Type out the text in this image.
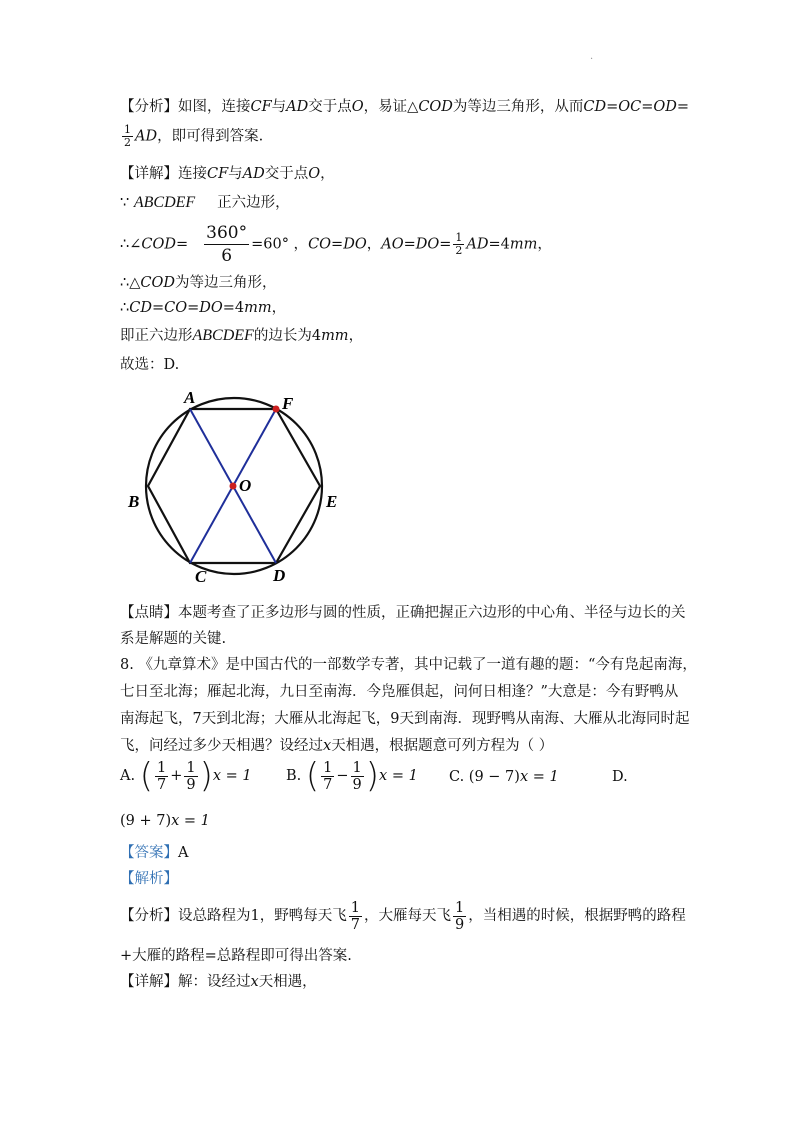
·
【分析】如图，连接CF与AD交于点O，易证△COD为等边三角形，从而CD=OC=OD=
$\frac{1}{2}$ AD，即可得到答案.
【详解】连接CF与AD交于点O，
∵ ABCDEF 正六边形，
∴∠COD= $\frac{360^\circ}{6} =60^\circ$ ，CO=DO，$AO=DO= \frac{1}{2} AD=4mm$，
∴△COD为等边三角形，
∴CD=CO=DO=4mm，
即正六边形ABCDEF的边长为4mm，
故选：D.
A	F
B
O
E
C	D
【点睛】本题考查了正多边形与圆的性质，正确把握正六边形的中心角、半径与边长的关
系是解题的关键.
8. 《九章算术》是中国古代的一部数学专著，其中记载了一道有趣的题：“今有凫起南海，
七日至北海；雁起北海，九日至南海．今凫雁俱起，问何日相逢？”大意是：今有野鸭从
南海起飞，7天到北海；大雁从北海起飞，9天到南海．现野鸭从南海、大雁从北海同时起
飞，问经过多少天相遇？设经过x天相遇，根据题意可列方程为（ ）
A. ( $\frac{1}{7} + \frac{1}{9} )x = 1$ B. ( $\frac{1}{7} - \frac{1}{9} )x = 1$ C. (9 − 7)x = 1	D.
(9 + 7)x = 1
【答案】A
【解析】
【分析】设总路程为1，野鸭每天飞 $\frac{1}{7}$ ，大雁每天飞 $\frac{1}{9}$ ，当相遇的时候，根据野鸭的路程
+大雁的路程=总路程即可得出答案.
【详解】解：设经过x天相遇，
